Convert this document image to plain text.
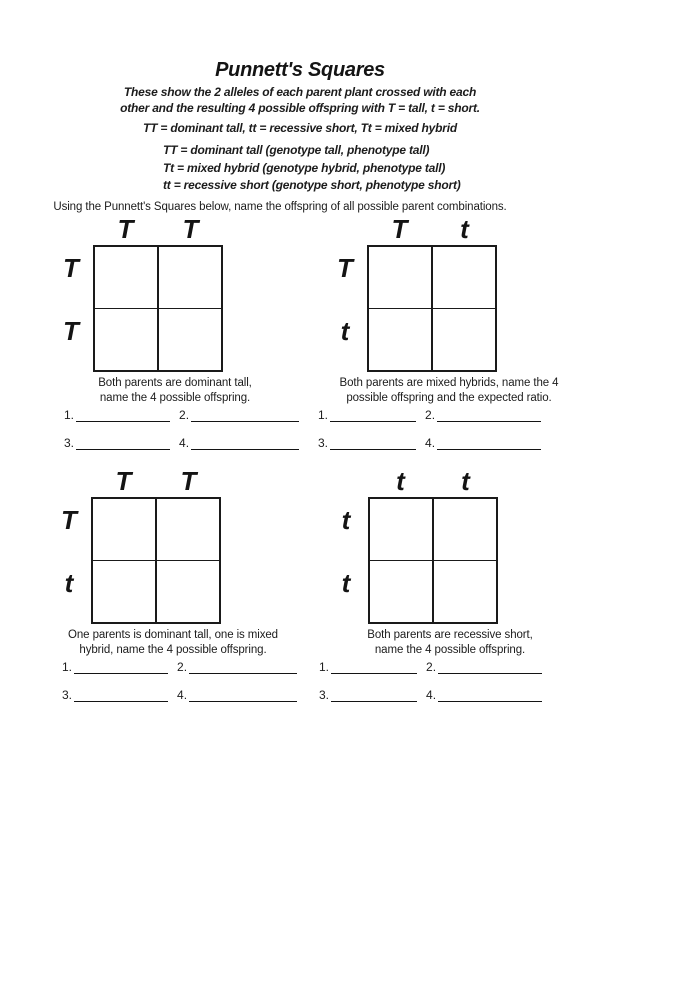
Punnett's Squares
These show the 2 alleles of each parent plant crossed with each
other and the resulting 4 possible offspring with T = tall, t = short.
TT = dominant tall, tt = recessive short, Tt = mixed hybrid
TT = dominant tall (genotype tall, phenotype tall)
Tt = mixed hybrid (genotype hybrid, phenotype tall)
tt = recessive short (genotype short, phenotype short)
Using the Punnett's Squares below, name the offspring of all possible parent combinations.
T	T
T
T
Both parents are dominant tall,
name the 4 possible offspring.
1.	2.
3.	4.
T	t
T
t
Both parents are mixed hybrids, name the 4
possible offspring and the expected ratio.
1.	2.
3.	4.
T	T
T
t
One parents is dominant tall, one is mixed
hybrid, name the 4 possible offspring.
1.	2.
3.	4.
t	t
t
t
Both parents are recessive short,
name the 4 possible offspring.
1.	2.
3.	4.
